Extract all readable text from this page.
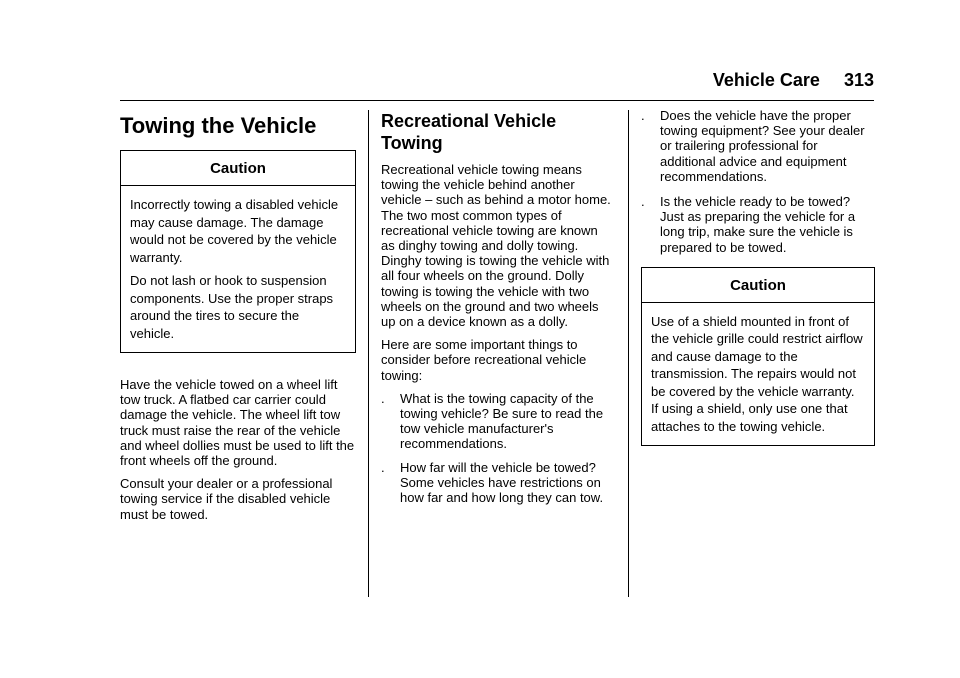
Vehicle Care 313
Towing the Vehicle
Caution

Incorrectly towing a disabled vehicle may cause damage. The damage would not be covered by the vehicle warranty.

Do not lash or hook to suspension components. Use the proper straps around the tires to secure the vehicle.

Have the vehicle towed on a wheel lift tow truck. A flatbed car carrier could damage the vehicle. The wheel lift tow truck must raise the rear of the vehicle and wheel dollies must be used to lift the front wheels off the ground.

Consult your dealer or a professional towing service if the disabled vehicle must be towed.

Recreational Vehicle Towing

Recreational vehicle towing means towing the vehicle behind another vehicle – such as behind a motor home. The two most common types of recreational vehicle towing are known as dinghy towing and dolly towing. Dinghy towing is towing the vehicle with all four wheels on the ground. Dolly towing is towing the vehicle with two wheels on the ground and two wheels up on a device known as a dolly.

Here are some important things to consider before recreational vehicle towing:

. What is the towing capacity of the towing vehicle? Be sure to read the tow vehicle manufacturer's recommendations.
. How far will the vehicle be towed? Some vehicles have restrictions on how far and how long they can tow.
. Does the vehicle have the proper towing equipment? See your dealer or trailering professional for additional advice and equipment recommendations.
. Is the vehicle ready to be towed? Just as preparing the vehicle for a long trip, make sure the vehicle is prepared to be towed.
Caution

Use of a shield mounted in front of the vehicle grille could restrict airflow and cause damage to the transmission. The repairs would not be covered by the vehicle warranty. If using a shield, only use one that attaches to the towing vehicle.
